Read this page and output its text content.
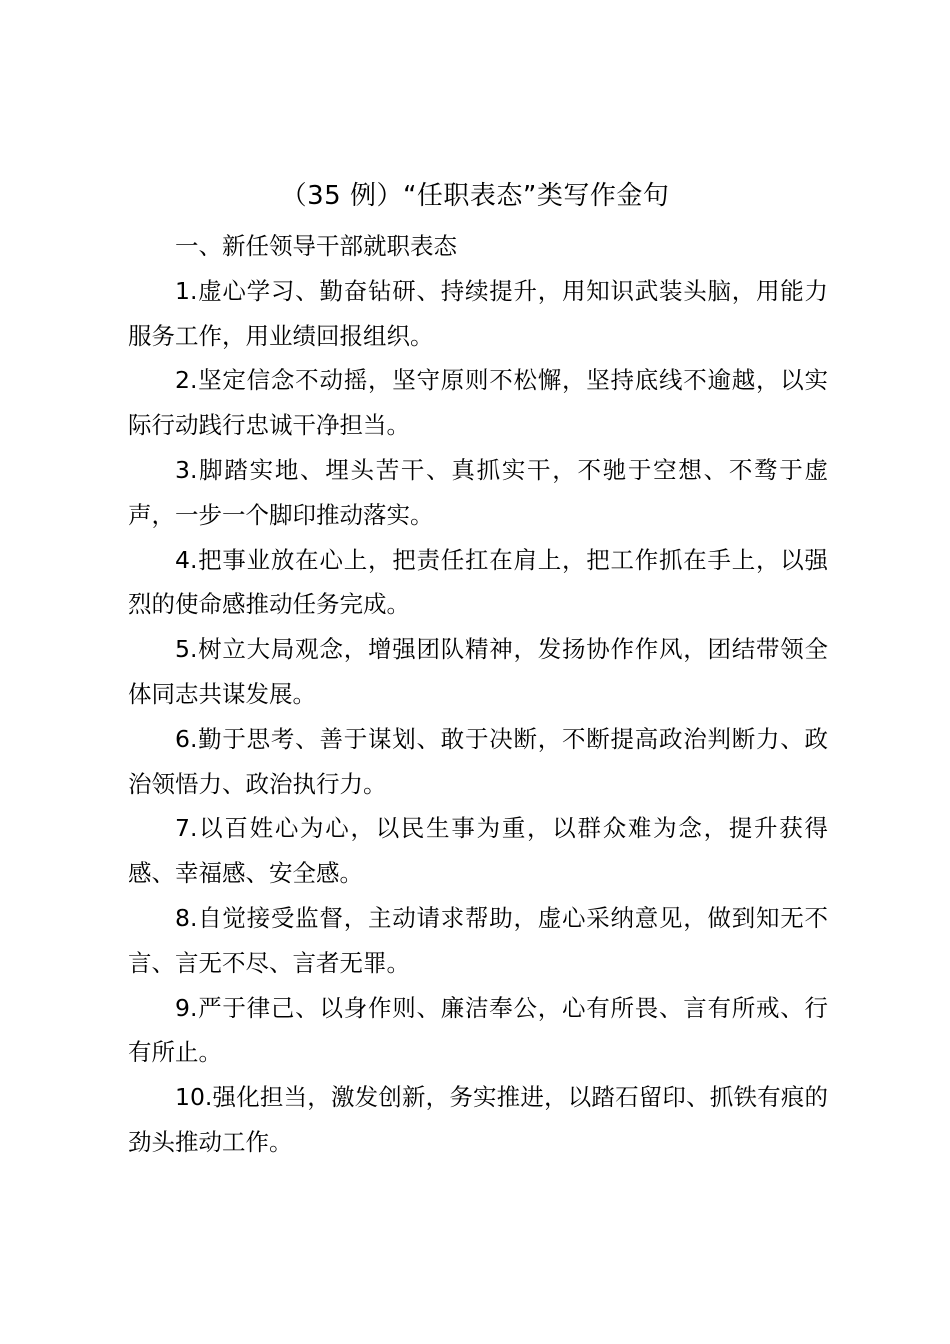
（35 例）“任职表态”类写作金句

一、新任领导干部就职表态

1.虚心学习、勤奋钻研、持续提升，用知识武装头脑，用能力服务工作，用业绩回报组织。

2.坚定信念不动摇，坚守原则不松懈，坚持底线不逾越，以实际行动践行忠诚干净担当。

3.脚踏实地、埋头苦干、真抓实干，不驰于空想、不骛于虚声，一步一个脚印推动落实。

4.把事业放在心上，把责任扛在肩上，把工作抓在手上，以强烈的使命感推动任务完成。

5.树立大局观念，增强团队精神，发扬协作作风，团结带领全体同志共谋发展。

6.勤于思考、善于谋划、敢于决断，不断提高政治判断力、政治领悟力、政治执行力。

7.以百姓心为心，以民生事为重，以群众难为念，提升获得感、幸福感、安全感。

8.自觉接受监督，主动请求帮助，虚心采纳意见，做到知无不言、言无不尽、言者无罪。

9.严于律己、以身作则、廉洁奉公，心有所畏、言有所戒、行有所止。

10.强化担当，激发创新，务实推进，以踏石留印、抓铁有痕的劲头推动工作。
